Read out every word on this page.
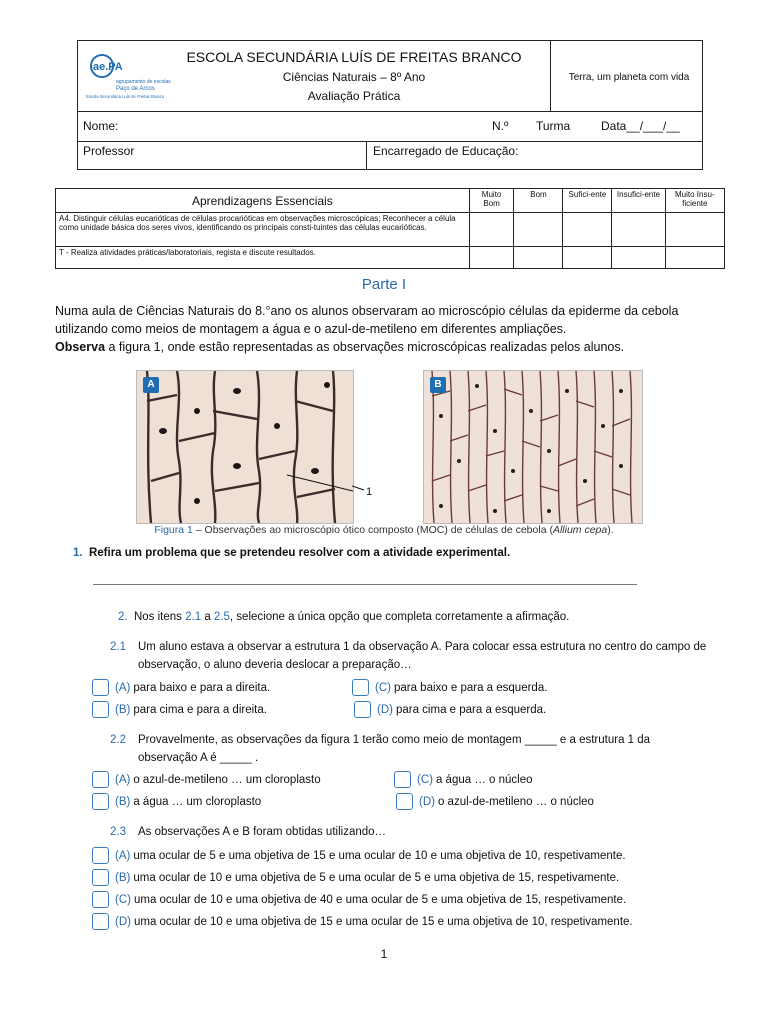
ae.PA
agrupamento de escolas
Paço de Arcos
Escola Secundária Luís de Freitas Branco
ESCOLA SECUNDÁRIA LUÍS DE FREITAS BRANCO
Ciências Naturais – 8º Ano
Avaliação Prática
Terra, um planeta com vida
Nome:	N.º Turma	Data__/___/__
Professor	Encarregado de Educação:
Aprendizagens Essenciais	Muito Bom	Bom	Sufici-ente	Insufici-ente	Muito Insu-ficiente
A4. Distinguir células eucarióticas de células procarióticas em observações microscópicas; Reconhecer a célula como unidade básica dos seres vivos, identificando os principais consti-tuintes das células eucarióticas.					
T - Realiza atividades práticas/laboratoriais, regista e discute resultados.					
Parte I
Numa aula de Ciências Naturais do 8.°ano os alunos observaram ao microscópio células da epiderme da cebola utilizando como meios de montagem a água e o azul-de-metileno em diferentes ampliações.
Observa a figura 1, onde estão representadas as observações microscópicas realizadas pelos alunos.
A
1
B
Figura 1 – Observações ao microscópio ótico composto (MOC) de células de cebola (Allium cepa).
1. Refira um problema que se pretendeu resolver com a atividade experimental.
2. Nos itens 2.1 a 2.5, selecione a única opção que completa corretamente a afirmação.
2.1 Um aluno estava a observar a estrutura 1 da observação A. Para colocar essa estrutura no centro do campo de observação, o aluno deveria deslocar a preparação…
(A) para baixo e para a direita.	(C) para baixo e para a esquerda.
(B) para cima e para a direita.	(D) para cima e para a esquerda.
2.2 Provavelmente, as observações da figura 1 terão como meio de montagem _____ e a estrutura 1 da observação A é _____ .
(A) o azul-de-metileno … um cloroplasto	(C) a água … o núcleo
(B) a água … um cloroplasto	(D) o azul-de-metileno … o núcleo
2.3 As observações A e B foram obtidas utilizando…
(A) uma ocular de 5 e uma objetiva de 15 e uma ocular de 10 e uma objetiva de 10, respetivamente.
(B) uma ocular de 10 e uma objetiva de 5 e uma ocular de 5 e uma objetiva de 15, respetivamente.
(C) uma ocular de 10 e uma objetiva de 40 e uma ocular de 5 e uma objetiva de 15, respetivamente.
(D) uma ocular de 10 e uma objetiva de 15 e uma ocular de 15 e uma objetiva de 10, respetivamente.
1
